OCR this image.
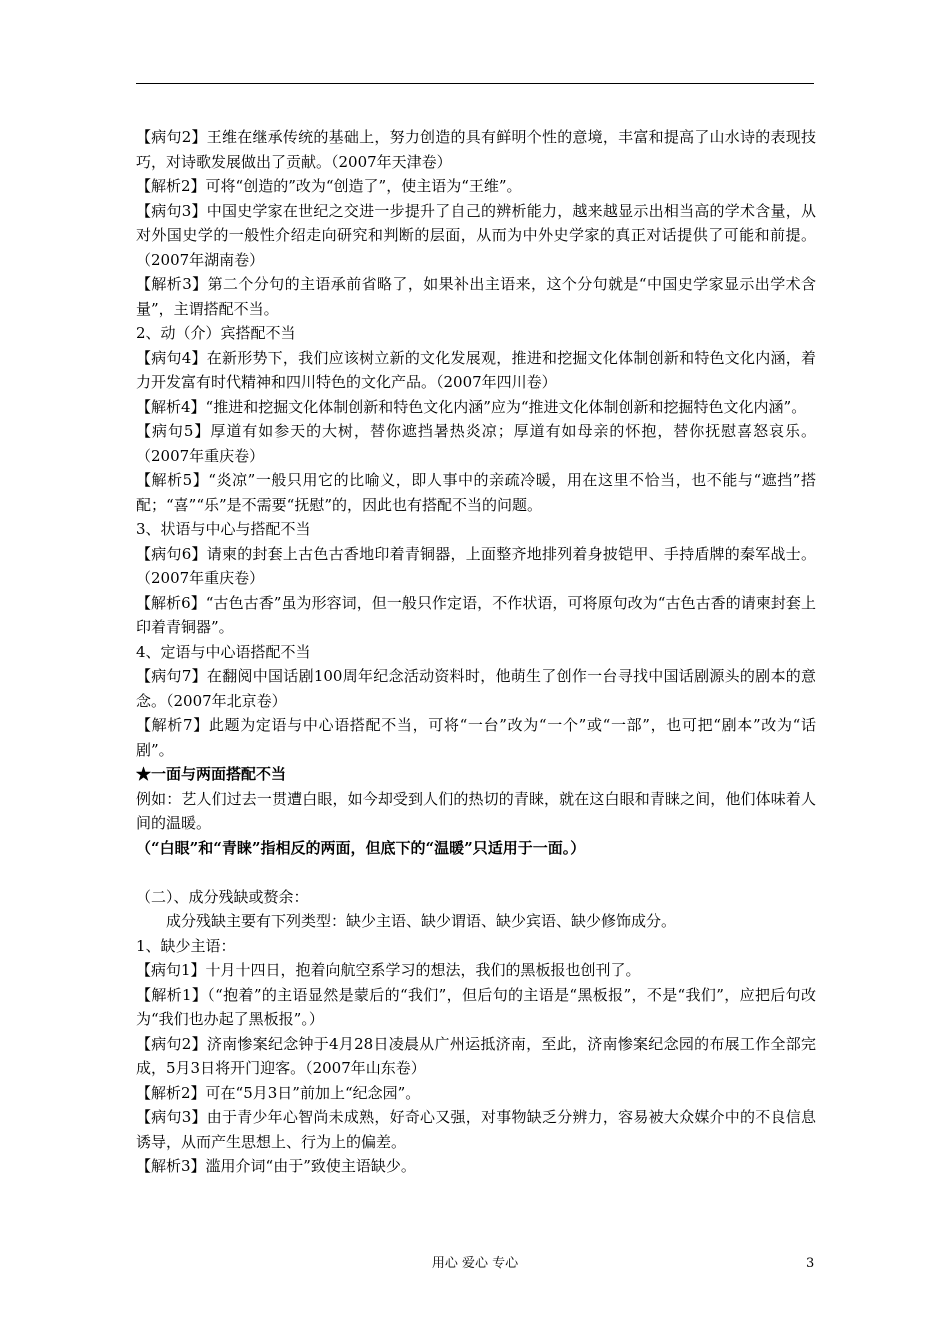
【病句2】王维在继承传统的基础上，努力创造的具有鲜明个性的意境，丰富和提高了山水诗的表现技巧，对诗歌发展做出了贡献。（2007年天津卷）

【解析2】可将“创造的”改为“创造了”，使主语为“王维”。

【病句3】中国史学家在世纪之交进一步提升了自己的辨析能力，越来越显示出相当高的学术含量，从对外国史学的一般性介绍走向研究和判断的层面，从而为中外史学家的真正对话提供了可能和前提。（2007年湖南卷）

【解析3】第二个分句的主语承前省略了，如果补出主语来，这个分句就是“中国史学家显示出学术含量”，主谓搭配不当。

2、动（介）宾搭配不当

【病句4】在新形势下，我们应该树立新的文化发展观，推进和挖掘文化体制创新和特色文化内涵，着力开发富有时代精神和四川特色的文化产品。（2007年四川卷）

【解析4】“推进和挖掘文化体制创新和特色文化内涵”应为“推进文化体制创新和挖掘特色文化内涵”。

【病句5】厚道有如参天的大树，替你遮挡暑热炎凉；厚道有如母亲的怀抱，替你抚慰喜怒哀乐。（2007年重庆卷）

【解析5】“炎凉”一般只用它的比喻义，即人事中的亲疏冷暖，用在这里不恰当，也不能与“遮挡”搭配；“喜”“乐”是不需要“抚慰”的，因此也有搭配不当的问题。

3、状语与中心与搭配不当

【病句6】请柬的封套上古色古香地印着青铜器，上面整齐地排列着身披铠甲、手持盾牌的秦军战士。（2007年重庆卷）

【解析6】“古色古香”虽为形容词，但一般只作定语，不作状语，可将原句改为“古色古香的请柬封套上印着青铜器”。

4、定语与中心语搭配不当

【病句7】在翻阅中国话剧100周年纪念活动资料时，他萌生了创作一台寻找中国话剧源头的剧本的意念。（2007年北京卷）

【解析7】此题为定语与中心语搭配不当，可将“一台”改为“一个”或“一部”，也可把“剧本”改为“话剧”。

★一面与两面搭配不当

例如：艺人们过去一贯遭白眼，如今却受到人们的热切的青睐，就在这白眼和青睐之间，他们体味着人间的温暖。

（“白眼”和“青睐”指相反的两面，但底下的“温暖”只适用于一面。）

（二）、成分残缺或赘余：

成分残缺主要有下列类型：缺少主语、缺少谓语、缺少宾语、缺少修饰成分。

1、缺少主语：

【病句1】十月十四日，抱着向航空系学习的想法，我们的黑板报也创刊了。

【解析1】（“抱着”的主语显然是蒙后的“我们”，但后句的主语是“黑板报”，不是“我们”，应把后句改为“我们也办起了黑板报”。）

【病句2】济南惨案纪念钟于4月28日凌晨从广州运抵济南，至此，济南惨案纪念园的布展工作全部完成，5月3日将开门迎客。（2007年山东卷）

【解析2】可在“5月3日”前加上“纪念园”。

【病句3】由于青少年心智尚未成熟，好奇心又强，对事物缺乏分辨力，容易被大众媒介中的不良信息诱导，从而产生思想上、行为上的偏差。

【解析3】滥用介词“由于”致使主语缺少。

用心 爱心 专心	3
